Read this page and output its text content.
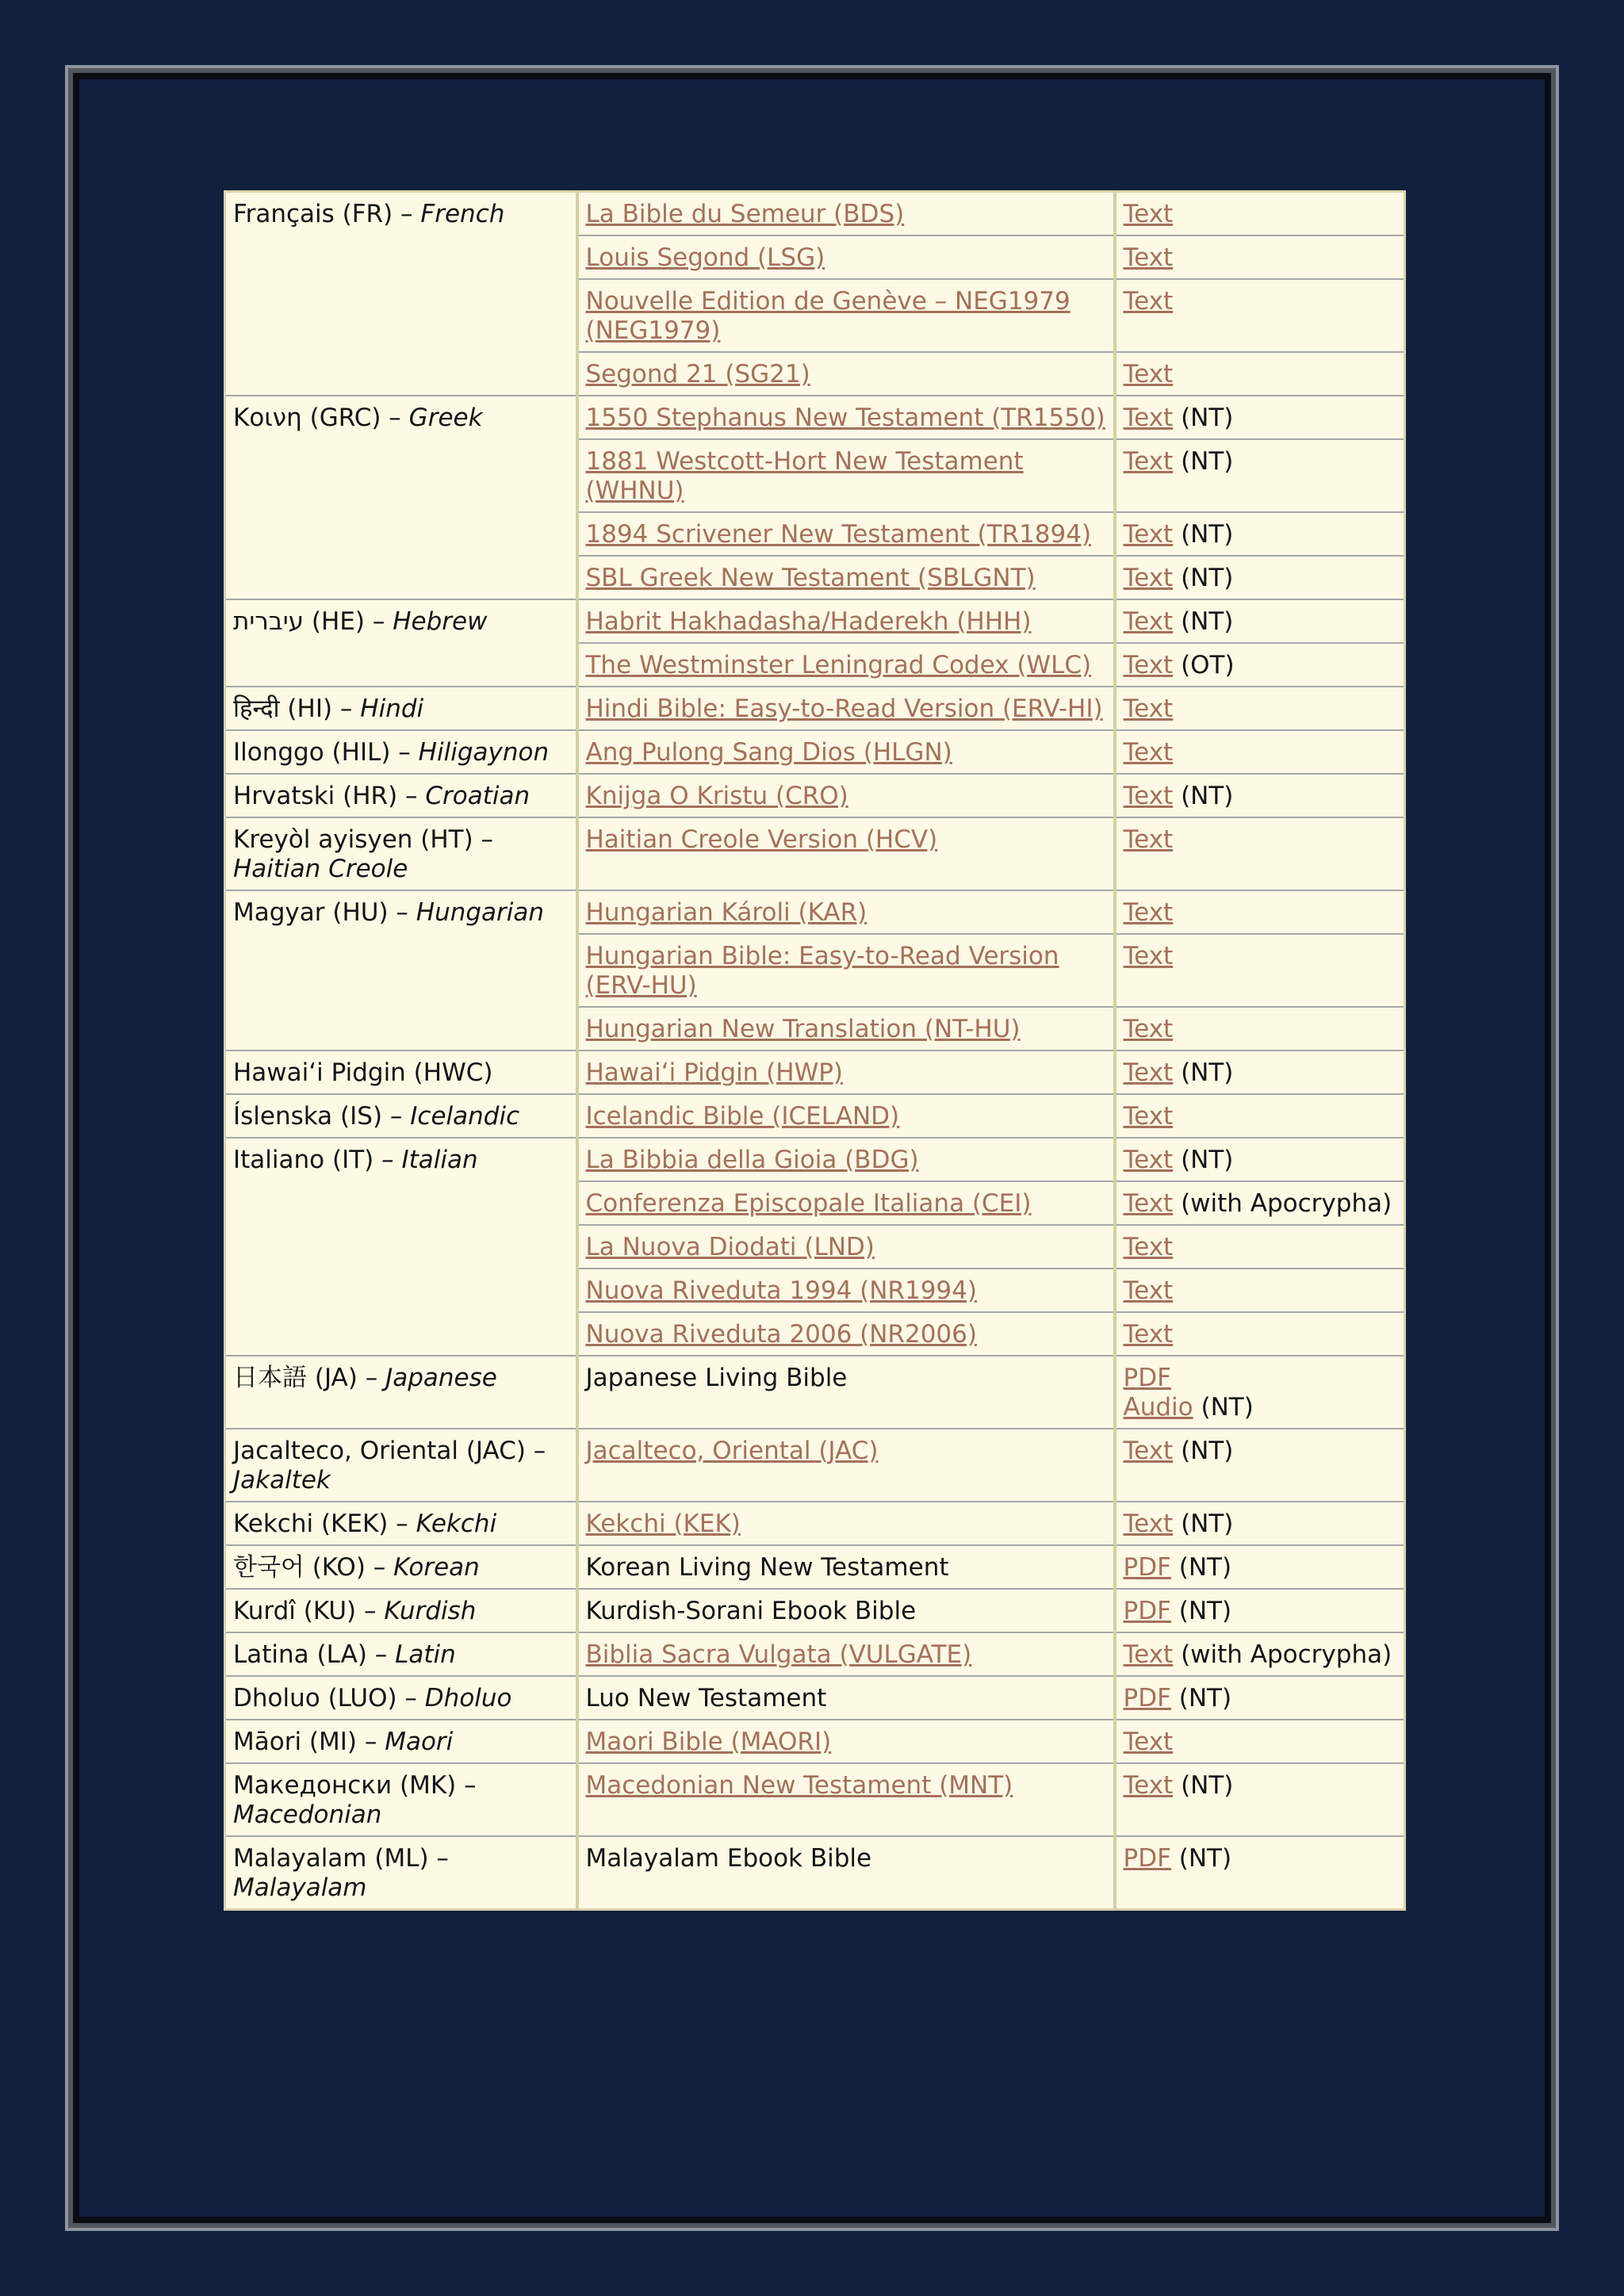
Français (FR) – French	La Bible du Semeur (BDS)	Text
	Louis Segond (LSG)	Text
	Nouvelle Edition de Genève – NEG1979 (NEG1979)	Text
	Segond 21 (SG21)	Text
Κοινη (GRC) – Greek	1550 Stephanus New Testament (TR1550)	Text (NT)
	1881 Westcott-Hort New Testament (WHNU)	Text (NT)
	1894 Scrivener New Testament (TR1894)	Text (NT)
	SBL Greek New Testament (SBLGNT)	Text (NT)
עיברית (HE) – Hebrew	Habrit Hakhadasha/Haderekh (HHH)	Text (NT)
	The Westminster Leningrad Codex (WLC)	Text (OT)
हिन्दी (HI) – Hindi	Hindi Bible: Easy-to-Read Version (ERV-HI)	Text
Ilonggo (HIL) – Hiligaynon	Ang Pulong Sang Dios (HLGN)	Text
Hrvatski (HR) – Croatian	Knijga O Kristu (CRO)	Text (NT)
Kreyòl ayisyen (HT) – Haitian Creole	Haitian Creole Version (HCV)	Text
Magyar (HU) – Hungarian	Hungarian Károli (KAR)	Text
	Hungarian Bible: Easy-to-Read Version (ERV-HU)	Text
	Hungarian New Translation (NT-HU)	Text
Hawai‘i Pidgin (HWC)	Hawai‘i Pidgin (HWP)	Text (NT)
Íslenska (IS) – Icelandic	Icelandic Bible (ICELAND)	Text
Italiano (IT) – Italian	La Bibbia della Gioia (BDG)	Text (NT)
	Conferenza Episcopale Italiana (CEI)	Text (with Apocrypha)
	La Nuova Diodati (LND)	Text
	Nuova Riveduta 1994 (NR1994)	Text
	Nuova Riveduta 2006 (NR2006)	Text
日本語 (JA) – Japanese	Japanese Living Bible	PDF
Audio (NT)
Jacalteco, Oriental (JAC) – Jakaltek	Jacalteco, Oriental (JAC)	Text (NT)
Kekchi (KEK) – Kekchi	Kekchi (KEK)	Text (NT)
한국어 (KO) – Korean	Korean Living New Testament	PDF (NT)
Kurdî (KU) – Kurdish	Kurdish-Sorani Ebook Bible	PDF (NT)
Latina (LA) – Latin	Biblia Sacra Vulgata (VULGATE)	Text (with Apocrypha)
Dholuo (LUO) – Dholuo	Luo New Testament	PDF (NT)
Māori (MI) – Maori	Maori Bible (MAORI)	Text
Македонски (MK) – Macedonian	Macedonian New Testament (MNT)	Text (NT)
Malayalam (ML) – Malayalam	Malayalam Ebook Bible	PDF (NT)
